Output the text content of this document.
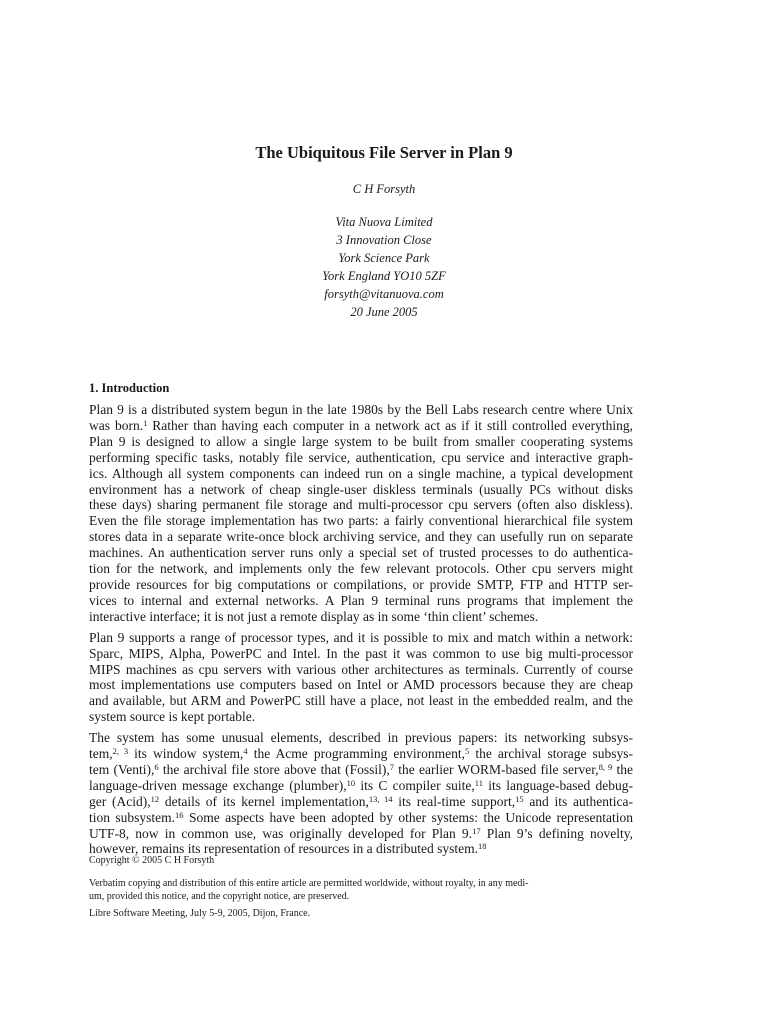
The Ubiquitous File Server in Plan 9
C H Forsyth
Vita Nuova Limited
3 Innovation Close
York Science Park
York England YO10 5ZF
forsyth@vitanuova.com
20 June 2005
1. Introduction
Plan 9 is a distributed system begun in the late 1980s by the Bell Labs research centre where Unix
was born.$^1$ Rather than having each computer in a network act as if it still controlled everything,
Plan 9 is designed to allow a single large system to be built from smaller cooperating systems
performing specific tasks, notably file service, authentication, cpu service and interactive graph-
ics. Although all system components can indeed run on a single machine, a typical development
environment has a network of cheap single-user diskless terminals (usually PCs without disks
these days) sharing permanent file storage and multi-processor cpu servers (often also diskless).
Even the file storage implementation has two parts: a fairly conventional hierarchical file system
stores data in a separate write-once block archiving service, and they can usefully run on separate
machines. An authentication server runs only a special set of trusted processes to do authentica-
tion for the network, and implements only the few relevant protocols. Other cpu servers might
provide resources for big computations or compilations, or provide SMTP, FTP and HTTP ser-
vices to internal and external networks. A Plan 9 terminal runs programs that implement the
interactive interface; it is not just a remote display as in some ‘thin client’ schemes.
Plan 9 supports a range of processor types, and it is possible to mix and match within a network:
Sparc, MIPS, Alpha, PowerPC and Intel. In the past it was common to use big multi-processor
MIPS machines as cpu servers with various other architectures as terminals. Currently of course
most implementations use computers based on Intel or AMD processors because they are cheap
and available, but ARM and PowerPC still have a place, not least in the embedded realm, and the
system source is kept portable.
The system has some unusual elements, described in previous papers: its networking subsys-
tem,$^{2, 3}$ its window system,$^4$ the Acme programming environment,$^5$ the archival storage subsys-
tem (Venti),$^6$ the archival file store above that (Fossil),$^7$ the earlier WORM-based file server,$^{8, 9}$ the
language-driven message exchange (plumber),$^{10}$ its C compiler suite,$^{11}$ its language-based debug-
ger (Acid),$^{12}$ details of its kernel implementation,$^{13, 14}$ its real-time support,$^{15}$ and its authentica-
tion subsystem.$^{16}$ Some aspects have been adopted by other systems: the Unicode representation
UTF-8, now in common use, was originally developed for Plan 9.17 Plan 9’s defining novelty,
however, remains its representation of resources in a distributed system.$^{18}$
Copyright © 2005 C H Forsyth
Verbatim copying and distribution of this entire article are permitted worldwide, without royalty, in any medi-
um, provided this notice, and the copyright notice, are preserved.
Libre Software Meeting, July 5-9, 2005, Dijon, France.
